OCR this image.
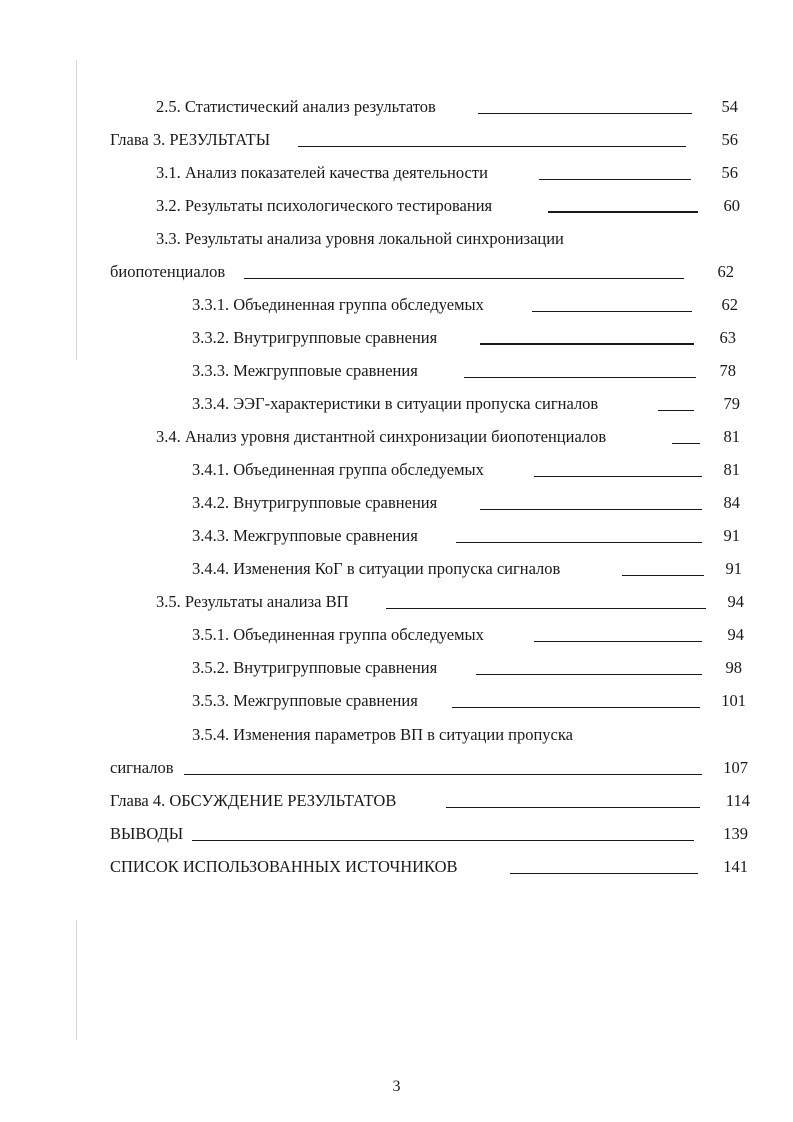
2.5. Статистический анализ результатов	54
Глава 3. РЕЗУЛЬТАТЫ	56
3.1. Анализ показателей качества деятельности	56
3.2. Результаты психологического тестирования	60
3.3. Результаты анализа уровня локальной синхронизации
биопотенциалов	62
3.3.1. Объединенная группа обследуемых	62
3.3.2. Внутригрупповые сравнения	63
3.3.3. Межгрупповые сравнения	78
3.3.4. ЭЭГ-характеристики в ситуации пропуска сигналов	79
3.4. Анализ уровня дистантной синхронизации биопотенциалов	81
3.4.1. Объединенная группа обследуемых	81
3.4.2. Внутригрупповые сравнения	84
3.4.3. Межгрупповые сравнения	91
3.4.4. Изменения КоГ в ситуации пропуска сигналов	91
3.5. Результаты анализа ВП	94
3.5.1. Объединенная группа обследуемых	94
3.5.2. Внутригрупповые сравнения	98
3.5.3. Межгрупповые сравнения	101
3.5.4. Изменения параметров ВП в ситуации пропуска
сигналов	107
Глава 4. ОБСУЖДЕНИЕ РЕЗУЛЬТАТОВ	114
ВЫВОДЫ	139
СПИСОК ИСПОЛЬЗОВАННЫХ ИСТОЧНИКОВ	141
3
